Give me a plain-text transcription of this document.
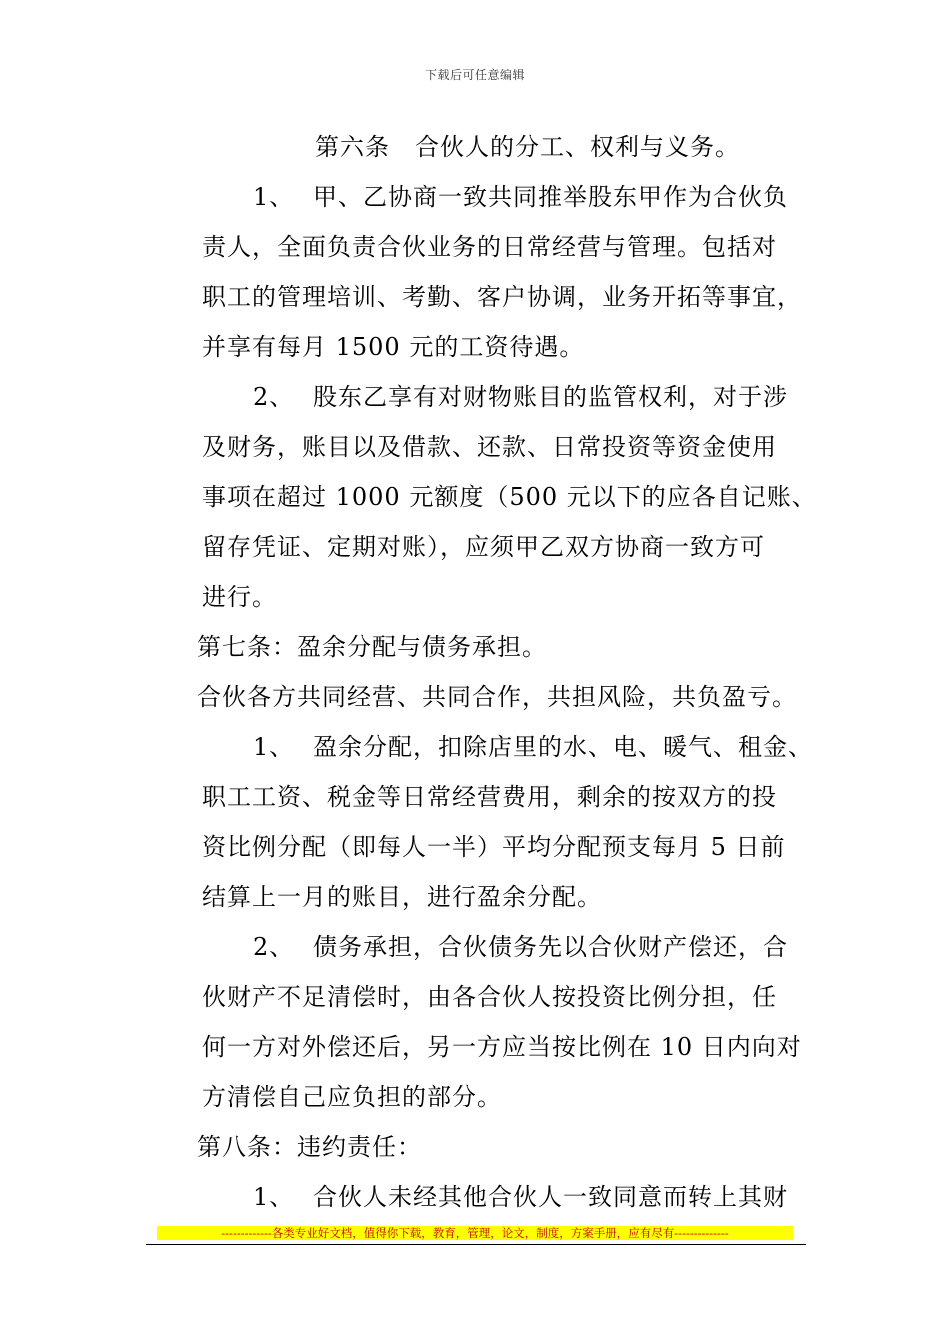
下载后可任意编辑
第六条　合伙人的分工、权利与义务。
1、 甲、乙协商一致共同推举股东甲作为合伙负
责人，全面负责合伙业务的日常经营与管理。包括对
职工的管理培训、考勤、客户协调，业务开拓等事宜，
并享有每月 1500 元的工资待遇。
2、 股东乙享有对财物账目的监管权利，对于涉
及财务，账目以及借款、还款、日常投资等资金使用
事项在超过 1000 元额度（500 元以下的应各自记账、
留存凭证、定期对账），应须甲乙双方协商一致方可
进行。
第七条：盈余分配与债务承担。
合伙各方共同经营、共同合作，共担风险，共负盈亏。
1、 盈余分配，扣除店里的水、电、暖气、租金、
职工工资、税金等日常经营费用，剩余的按双方的投
资比例分配（即每人一半）平均分配预支每月 5 日前
结算上一月的账目，进行盈余分配。
2、 债务承担，合伙债务先以合伙财产偿还，合
伙财产不足清偿时，由各合伙人按投资比例分担，任
何一方对外偿还后，另一方应当按比例在 10 日内向对
方清偿自己应负担的部分。
第八条：违约责任：
1、 合伙人未经其他合伙人一致同意而转上其财
-------------各类专业好文档，值得你下载，教育，管理，论文，制度，方案手册，应有尽有--------------
